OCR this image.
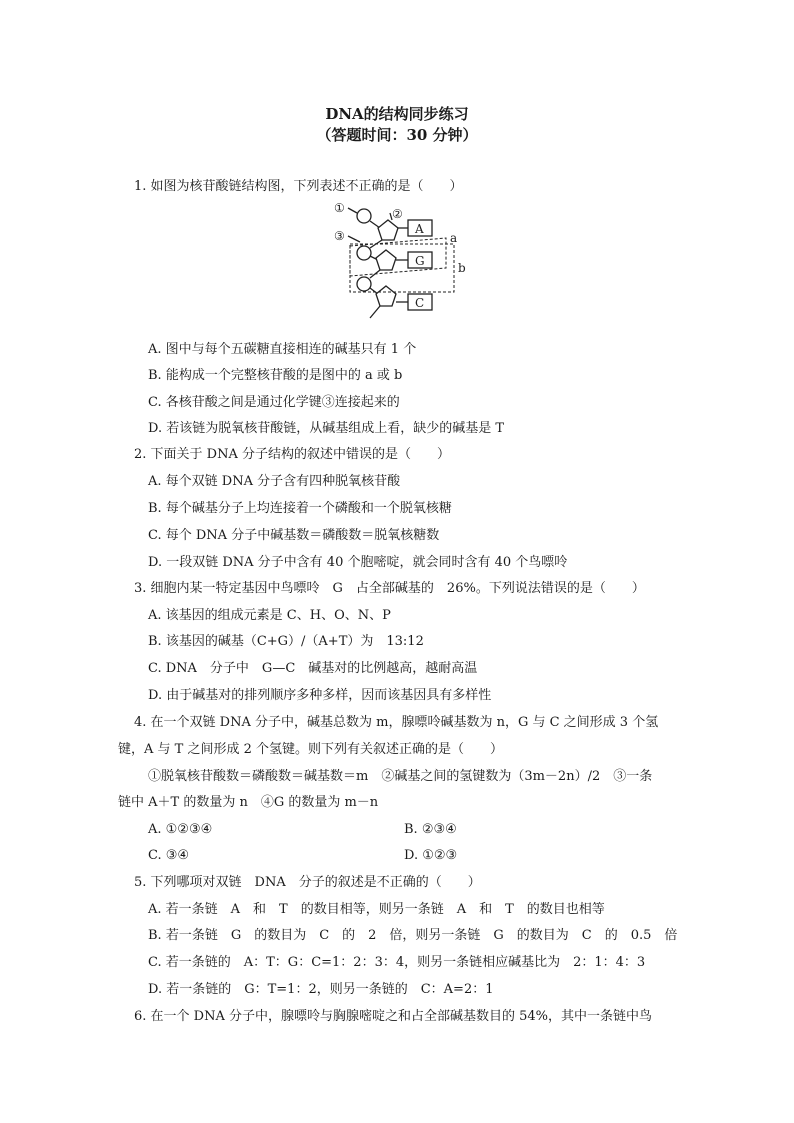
DNA的结构同步练习
（答题时间：30 分钟）
1. 如图为核苷酸链结构图，下列表述不正确的是（　　）
①	②
③	A
G
C
a
b
A. 图中与每个五碳糖直接相连的碱基只有 1 个
B. 能构成一个完整核苷酸的是图中的 a 或 b
C. 各核苷酸之间是通过化学键③连接起来的
D. 若该链为脱氧核苷酸链，从碱基组成上看，缺少的碱基是 T
2. 下面关于 DNA 分子结构的叙述中错误的是（　　）
A. 每个双链 DNA 分子含有四种脱氧核苷酸
B. 每个碱基分子上均连接着一个磷酸和一个脱氧核糖
C. 每个 DNA 分子中碱基数＝磷酸数＝脱氧核糖数
D. 一段双链 DNA 分子中含有 40 个胞嘧啶，就会同时含有 40 个鸟嘌呤
3. 细胞内某一特定基因中鸟嘌呤　G　占全部碱基的　26%。下列说法错误的是（　　）
A. 该基因的组成元素是 C、H、O、N、P
B. 该基因的碱基（C+G）/（A+T）为　13:12
C. DNA　分子中　G—C　碱基对的比例越高，越耐高温
D. 由于碱基对的排列顺序多种多样，因而该基因具有多样性
4. 在一个双链 DNA 分子中，碱基总数为 m，腺嘌呤碱基数为 n，G 与 C 之间形成 3 个氢
键，A 与 T 之间形成 2 个氢键。则下列有关叙述正确的是（　　）
①脱氧核苷酸数＝磷酸数＝碱基数＝m　②碱基之间的氢键数为（3m－2n）/2　③一条
链中 A＋T 的数量为 n　④G 的数量为 m－n
A. ①②③④	B. ②③④
C. ③④	D. ①②③
5. 下列哪项对双链　DNA　分子的叙述是不正确的（　　）
A. 若一条链　A　和　T　的数目相等，则另一条链　A　和　T　的数目也相等
B. 若一条链　G　的数目为　C　的　2　倍，则另一条链　G　的数目为　C　的　0.5　倍
C. 若一条链的　A：T：G：C=1：2：3：4，则另一条链相应碱基比为　2：1：4：3
D. 若一条链的　G：T=1：2，则另一条链的　C：A=2：1
6. 在一个 DNA 分子中，腺嘌呤与胸腺嘧啶之和占全部碱基数目的 54%，其中一条链中鸟
